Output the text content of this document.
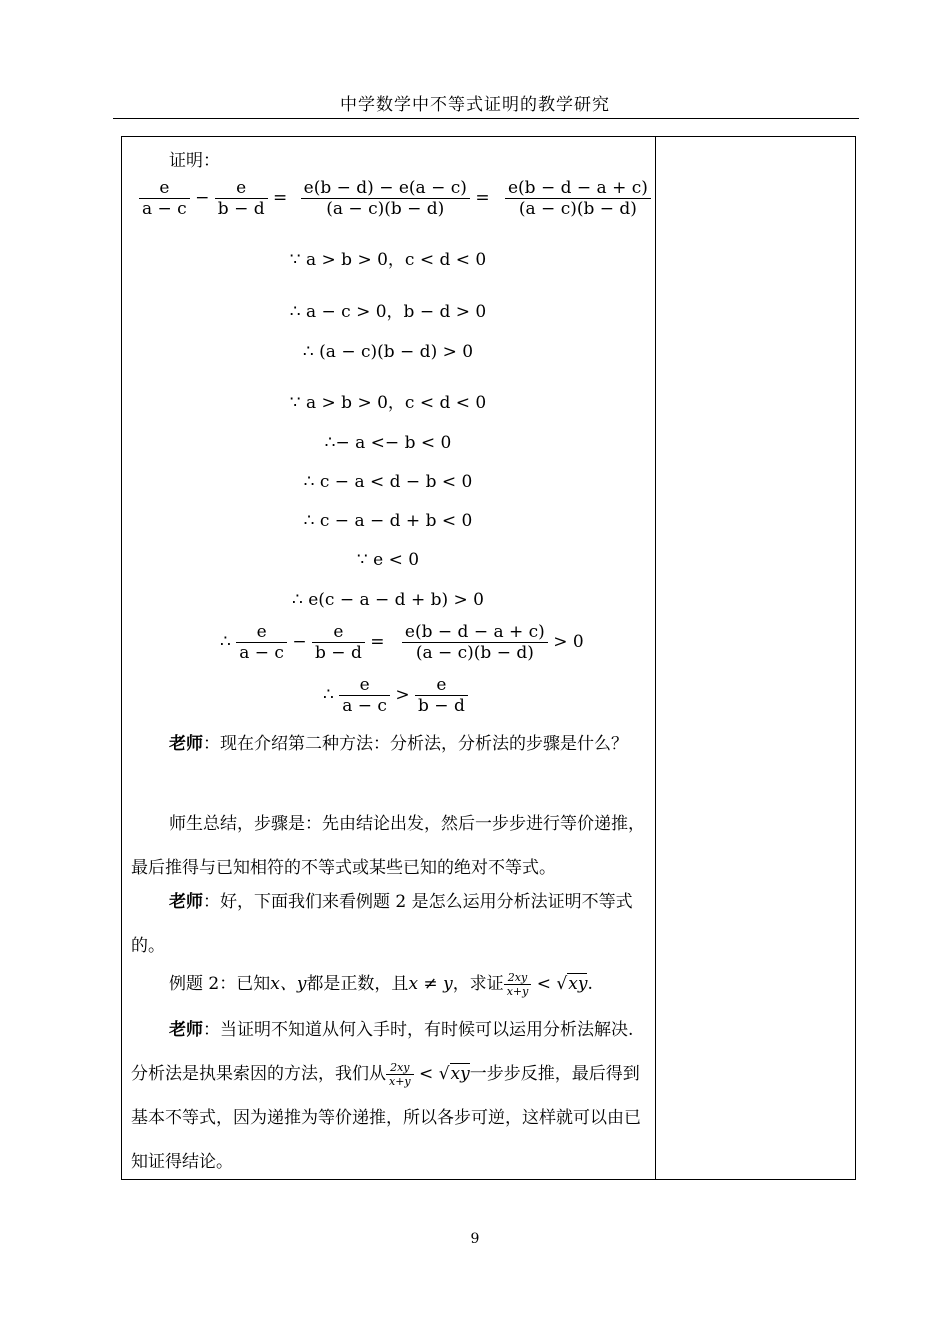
中学数学中不等式证明的教学研究
证明：
$\frac{e}{a - c} - \frac{e}{b - d} = \frac{e(b - d) - e(a - c)}{(a - c)(b - d)} = \frac{e(b - d - a + c)}{(a - c)(b - d)}$
∵ a > b > 0，c < d < 0
∴ a − c > 0，b − d > 0
∴ (a − c)(b − d) > 0
∵ a > b > 0，c < d < 0
∴− a <− b < 0
∴ c − a < d − b < 0
∴ c − a − d + b < 0
∵ e < 0
∴ e(c − a − d + b) > 0
∴ $\frac{e}{a - c} - \frac{e}{b - d} = \frac{e(b - d - a + c)}{(a - c)(b - d)} > 0$
∴ $\frac{e}{a - c} > \frac{e}{b - d}$
老师：现在介绍第二种方法：分析法，分析法的步骤是什么？
师生总结，步骤是：先由结论出发，然后一步步进行等价递推，最后推得与已知相符的不等式或某些已知的绝对不等式。
老师：好，下面我们来看例题 2 是怎么运用分析法证明不等式的。
例题 2：已知x、y都是正数，且x ≠ y，求证 $\frac{2xy}{x+y} < √xy$.
老师：当证明不知道从何入手时，有时候可以运用分析法解决. 分析法是执果索因的方法，我们从 $\frac{2xy}{x+y} < √xy$一步步反推，最后得到基本不等式，因为递推为等价递推，所以各步可逆，这样就可以由已知证得结论。
9
